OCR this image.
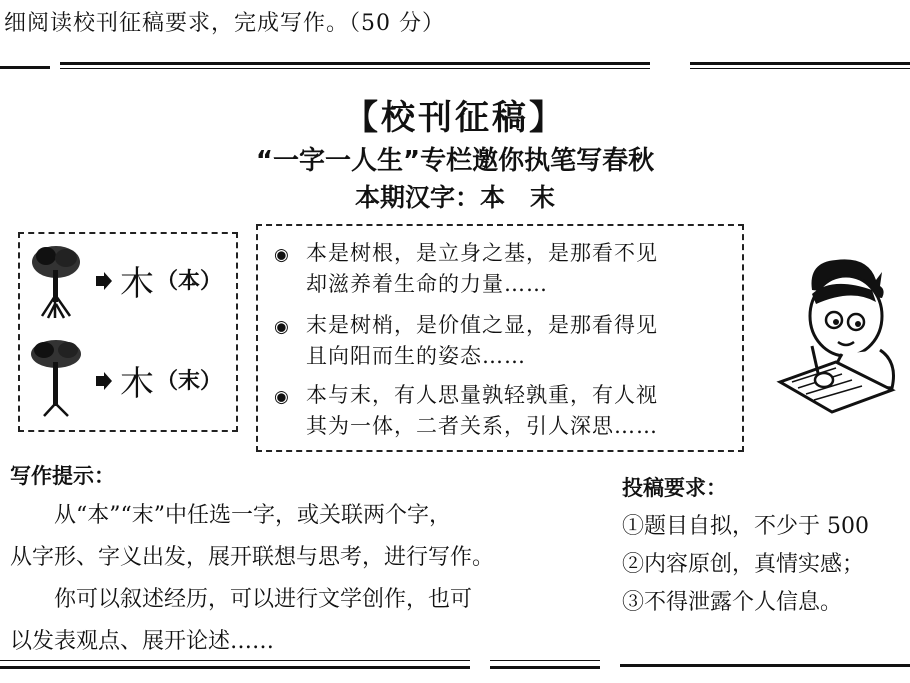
细阅读校刊征稿要求，完成写作。（50 分）
【校刊征稿】
“一字一人生”专栏邀你执笔写春秋
本期汉字：本　末
木 （本）
木 （末）
◉ 本是树根，是立身之基，是那看不见
却滋养着生命的力量……
◉ 末是树梢，是价值之显，是那看得见
且向阳而生的姿态……
◉ 本与末，有人思量孰轻孰重，有人视
其为一体，二者关系，引人深思……
写作提示：
　　从“本”“末”中任选一字，或关联两个字，
从字形、字义出发，展开联想与思考，进行写作。
　　你可以叙述经历，可以进行文学创作，也可
以发表观点、展开论述……
投稿要求：
①题目自拟，不少于 500
②内容原创，真情实感；
③不得泄露个人信息。
